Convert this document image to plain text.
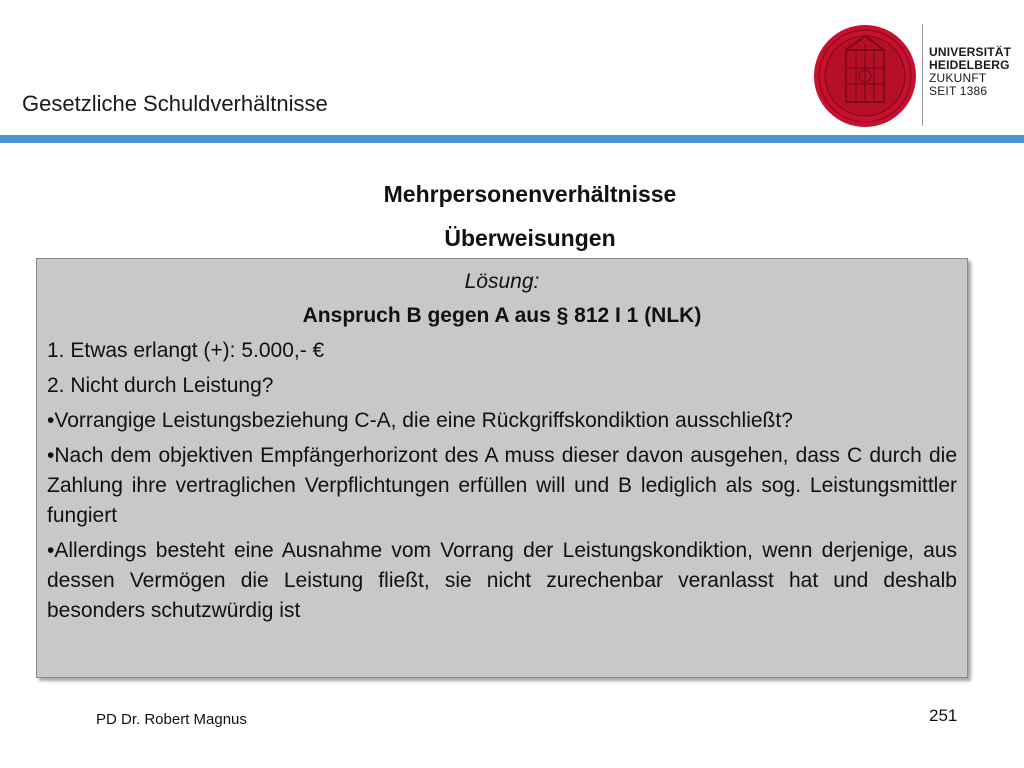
Gesetzliche Schuldverhältnisse
UNIVERSITÄT
HEIDELBERG
ZUKUNFT
SEIT 1386
Mehrpersonenverhältnisse
Überweisungen

Lösung:

Anspruch B gegen A aus § 812 I 1 (NLK)

1. Etwas erlangt (+): 5.000,- €

2. Nicht durch Leistung?

•Vorrangige Leistungsbeziehung C-A, die eine Rückgriffskondiktion ausschließt?

•Nach dem objektiven Empfängerhorizont des A muss dieser davon ausgehen, dass C durch die Zahlung ihre vertraglichen Verpflichtungen erfüllen will und B lediglich als sog. Leistungsmittler fungiert

•Allerdings besteht eine Ausnahme vom Vorrang der Leistungskondiktion, wenn derjenige, aus dessen Vermögen die Leistung fließt, sie nicht zurechenbar veranlasst hat und deshalb besonders schutzwürdig ist

PD Dr. Robert Magnus	251
